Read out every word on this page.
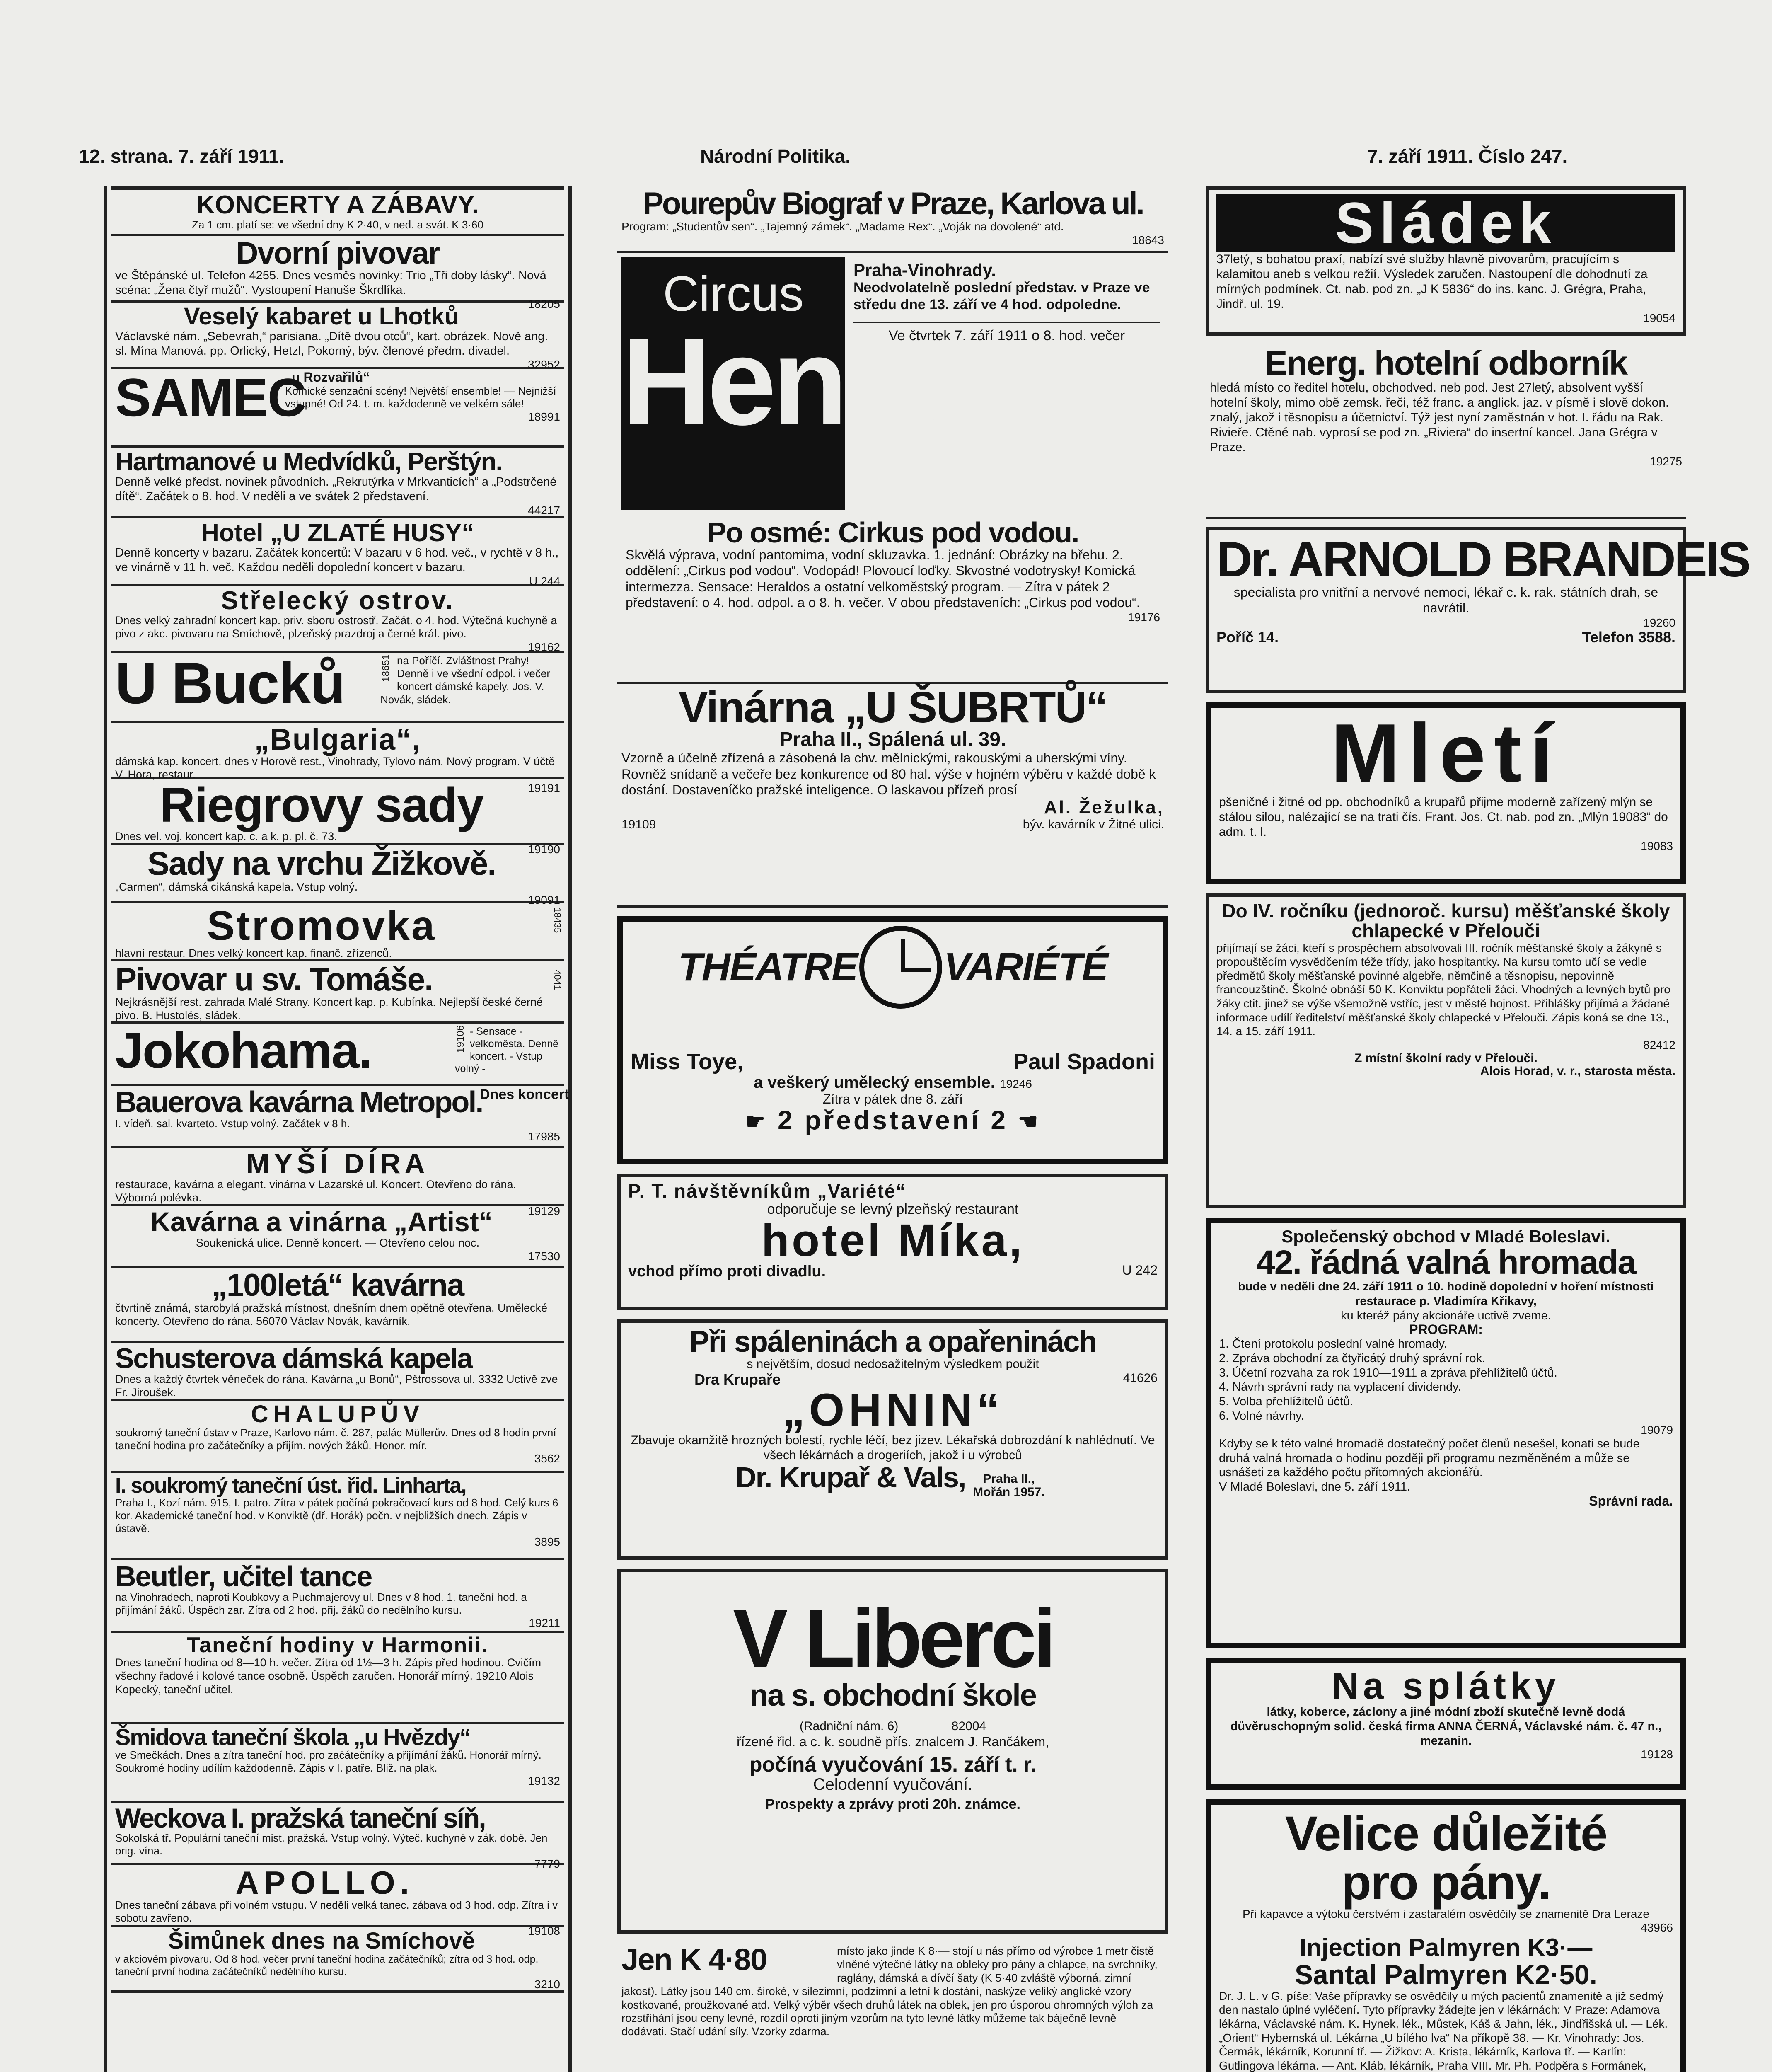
12. strana. 7. září 1911.	Národní Politika.	7. září 1911. Číslo 247.
KONCERTY A ZÁBAVY.
Za 1 cm. platí se: ve všední dny K 2·40, v ned. a svát. K 3·60
Dvorní pivovar
ve Štěpánské ul. Telefon 4255. Dnes vesměs novinky: Trio „Tři doby lásky“. Nová scéna: „Žena čtyř mužů“. Vystoupení Hanuše Škrdlíka.
18205
Veselý kabaret u Lhotků
Václavské nám. „Sebevrah,“ parisiana. „Dítě dvou otců“, kart. obrázek. Nově ang. sl. Mína Manová, pp. Orlický, Hetzl, Pokorný, býv. členové předm. divadel.
32952
SAMEC
„u Rozvařilů“
Komické senzační scény! Největší ensemble! — Nejnižší vstupné! Od 24. t. m. každodenně ve velkém sále!
18991
Hartmanové u Medvídků, Perštýn.
Denně velké předst. novinek původních. „Rekrutýrka v Mrkvanticích“ a „Podstrčené dítě“. Začátek o 8. hod. V neděli a ve svátek 2 představení.
44217
Hotel „U ZLATÉ HUSY“
Denně koncerty v bazaru. Začátek koncertů: V bazaru v 6 hod. več., v rychtě v 8 h., ve vinárně v 11 h. več. Každou neděli dopolední koncert v bazaru.
U 244
Střelecký ostrov.
Dnes velký zahradní koncert kap. priv. sboru ostrostř. Začát. o 4. hod. Výtečná kuchyně a pivo z akc. pivovaru na Smíchově, plzeňský prazdroj a černé král. pivo.
19162
U Bucků	18651 na Poříčí. Zvláštnost Prahy! Denně i ve všední odpol. i večer koncert dámské kapely. Jos. V. Novák, sládek.
„Bulgaria“,
dámská kap. koncert. dnes v Horově rest., Vinohrady, Tylovo nám. Nový program. V účtě V. Hora, restaur.
19191
Riegrovy sady
Dnes vel. voj. koncert kap. c. a k. p. pl. č. 73.
19190
Sady na vrchu Žižkově.
„Carmen“, dámská cikánská kapela. Vstup volný.
19091
Stromovka
hlavní restaur. Dnes velký koncert kap. finanč. zřízenců.
18435
Pivovar u sv. Tomáše.
Nejkrásnější rest. zahrada Malé Strany. Koncert kap. p. Kubínka. Nejlepší české černé pivo. B. Hustolés, sládek.
4041
Jokohama.	19106 - Sensace - velkoměsta. Denně koncert. - Vstup volný -
Bauerova kavárna Metropol.
Dnes koncert
I. vídeň. sal. kvarteto. Vstup volný. Začátek v 8 h.
17985
MYŠÍ DÍRA
restaurace, kavárna a elegant. vinárna v Lazarské ul. Koncert. Otevřeno do rána. Výborná polévka.
19129
Kavárna a vinárna „Artist“
Soukenická ulice. Denně koncert. — Otevřeno celou noc.
17530
„100letá“ kavárna
čtvrtině známá, starobylá pražská místnost, dnešním dnem opětně otevřena. Umělecké koncerty. Otevřeno do rána. 56070 Václav Novák, kavárník.
Schusterova dámská kapela
Dnes a každý čtvrtek věneček do rána. Kavárna „u Bonů“, Pštrossova ul. 3332 Uctivě zve Fr. Jiroušek.
CHALUPŮV
soukromý taneční ústav v Praze, Karlovo nám. č. 287, palác Müllerův. Dnes od 8 hodin první taneční hodina pro začátečníky a přijím. nových žáků. Honor. mír.
3562
I. soukromý taneční úst. řid. Linharta,
Praha I., Kozí nám. 915, I. patro. Zítra v pátek počíná pokračovací kurs od 8 hod. Celý kurs 6 kor. Akademické taneční hod. v Konviktě (dř. Horák) počn. v nejbližších dnech. Zápis v ústavě.
3895
Beutler, učitel tance
na Vinohradech, naproti Koubkovy a Puchmajerovy ul. Dnes v 8 hod. 1. taneční hod. a přijímání žáků. Úspěch zar. Zítra od 2 hod. přij. žáků do nedělního kursu.
19211
Taneční hodiny v Harmonii.
Dnes taneční hodina od 8—10 h. večer. Zítra od 1½—3 h. Zápis před hodinou. Cvičím všechny řadové i kolové tance osobně. Úspěch zaručen. Honorář mírný. 19210 Alois Kopecký, taneční učitel.
Šmidova taneční škola „u Hvězdy“
ve Smečkách. Dnes a zítra taneční hod. pro začátečníky a přijímání žáků. Honorář mírný. Soukromé hodiny udílím každodenně. Zápis v I. patře. Bliž. na plak.
19132
Weckova I. pražská taneční síň,
Sokolská tř. Populární taneční mist. pražská. Vstup volný. Výteč. kuchyně v zák. době. Jen orig. vína.
7779
APOLLO.
Dnes taneční zábava při volném vstupu. V neděli velká tanec. zábava od 3 hod. odp. Zítra i v sobotu zavřeno.
19108
Šimůnek dnes na Smíchově
v akciovém pivovaru. Od 8 hod. večer první taneční hodina začátečníků; zítra od 3 hod. odp. taneční první hodina začátečníků nedělního kursu.
3210
Pourepův Biograf v Praze, Karlova ul.
Program: „Studentův sen“. „Tajemný zámek“. „Madame Rex“. „Voják na dovolené“ atd.
18643
Circus
Henry
Praha-Vinohrady.
Neodvolatelně poslední představ. v Praze ve středu dne 13. září ve 4 hod. odpoledne.
Ve čtvrtek 7. září 1911 o 8. hod. večer
Po osmé: Cirkus pod vodou.
Skvělá výprava, vodní pantomima, vodní skluzavka. 1. jednání: Obrázky na břehu. 2. oddělení: „Cirkus pod vodou“. Vodopád! Plovoucí loďky. Skvostné vodotrysky! Komická intermezza. Sensace: Heraldos a ostatní velkoměstský program. — Zítra v pátek 2 představení: o 4. hod. odpol. a o 8. h. večer. V obou představeních: „Cirkus pod vodou“.
19176
Vinárna „U ŠUBRTŮ“
Praha II., Spálená ul. 39.
Vzorně a účelně zřízená a zásobená la chv. mělnickými, rakouskými a uherskými víny. Rovněž snídaně a večeře bez konkurence od 80 hal. výše v hojném výběru v každé době k dostání. Dostaveníčko pražské inteligence. O laskavou přízeň prosí
Al. Žežulka,
19109	býv. kavárník v Žitné ulici.
THÉATRE VARIÉTÉ
Miss Toye,	Paul Spadoni
a veškerý umělecký ensemble. 19246
Zítra v pátek dne 8. září
☛ 2 představení 2 ☚
P. T. návštěvníkům „Variété“
odporučuje se levný plzeňský restaurant
hotel Míka,
vchod přímo proti divadlu.	U 242
Při spáleninách a opařeninách
s největším, dosud nedosažitelným výsledkem použit
Dra Krupaře	41626
„OHNIN“
Zbavuje okamžitě hrozných bolestí, rychle léčí, bez jizev. Lékařská dobrozdání k nahlédnutí. Ve všech lékárnách a drogeriích, jakož i u výrobců
Dr. Krupař & Vals, Praha II., Mořán 1957.
V Liberci
na s. obchodní škole
(Radniční nám. 6)	82004
řízené řid. a c. k. soudně přís. znalcem J. Rančákem,
počíná vyučování 15. září t. r.
Celodenní vyučování.
Prospekty a zprávy proti 20h. známce.
Jen K 4·80	místo jako jinde K 8·— stojí u nás přímo od výrobce 1 metr čistě vlněné výtečné látky na obleky pro pány a chlapce, na svrchníky, raglány, dámská a dívčí šaty (K 5·40 zvláště výborná, zimní jakost). Látky jsou 140 cm. široké, v silezimní, podzimní a letní k dostání, naskýze veliký anglické vzory kostkované, proužkované atd. Velký výběr všech druhů látek na oblek, jen pro úsporou ohromných výloh za rozstřihání jsou ceny levné, rozdíl oproti jiným vzorům na tyto levné látky můžeme tak báječně levně dodávati. Stačí udání síly. Vzorky zdarma.
Sládek
37letý, s bohatou praxí, nabízí své služby hlavně pivovarům, pracujícím s kalamitou aneb s velkou režií. Výsledek zaručen. Nastoupení dle dohodnutí za mírných podmínek. Ct. nab. pod zn. „J K 5836“ do ins. kanc. J. Grégra, Praha, Jindř. ul. 19.
19054
Energ. hotelní odborník
hledá místo co ředitel hotelu, obchodved. neb pod. Jest 27letý, absolvent vyšší hotelní školy, mimo obě zemsk. řeči, též franc. a anglick. jaz. v písmě i slově dokon. znalý, jakož i těsnopisu a účetnictví. Týž jest nyní zaměstnán v hot. I. řádu na Rak. Rivieře. Ctěné nab. vyprosí se pod zn. „Riviera“ do insertní kancel. Jana Grégra v Praze.
19275
Dr. ARNOLD BRANDEIS
specialista pro vnitřní a nervové nemoci, lékař c. k. rak. státních drah, se navrátil.
19260
Poříč 14.	Telefon 3588.
Mletí
pšeničné i žitné od pp. obchodníků a krupařů přijme moderně zařízený mlýn se stálou silou, nalézající se na trati čís. Frant. Jos. Ct. nab. pod zn. „Mlýn 19083“ do adm. t. l.
19083
Do IV. ročníku (jednoroč. kursu) měšťanské školy chlapecké v Přelouči
přijímají se žáci, kteří s prospěchem absolvovali III. ročník měšťanské školy a žákyně s propouštěcím vysvědčením téže třídy, jako hospitantky. Na kursu tomto učí se vedle předmětů školy měšťanské povinné algebře, němčině a těsnopisu, nepovinně francouzštině. Školné obnáší 50 K. Konviktu popřáteli žáci. Vhodných a levných bytů pro žáky ctit. jinež se výše všemožně vstříc, jest v městě hojnost. Přihlášky přijímá a žádané informace udílí ředitelství měšťanské školy chlapecké v Přelouči. Zápis koná se dne 13., 14. a 15. září 1911.
82412
Z místní školní rady v Přelouči.
Alois Horad, v. r., starosta města.
Společenský obchod v Mladé Boleslavi.
42. řádná valná hromada
bude v neděli dne 24. září 1911 o 10. hodině dopolední v hoření místnosti restaurace p. Vladimíra Křikavy,
ku kteréž pány akcionáře uctivě zveme.
PROGRAM:
1. Čtení protokolu poslední valné hromady.
2. Zpráva obchodní za čtyřicátý druhý správní rok.
3. Účetní rozvaha za rok 1910—1911 a zpráva přehlížitelů účtů.
4. Návrh správní rady na vyplacení dividendy.
5. Volba přehlížitelů účtů.
6. Volné návrhy.
19079
Kdyby se k této valné hromadě dostatečný počet členů nesešel, konati se bude druhá valná hromada o hodinu později při programu nezměněném a může se usnášeti za každého počtu přítomných akcionářů.
V Mladé Boleslavi, dne 5. září 1911.
Správní rada.
Na splátky
látky, koberce, záclony a jiné módní zboží skutečně levně dodá důvěruschopným solid. česká firma ANNA ČERNÁ, Václavské nám. č. 47 n., mezanin.
19128
Velice důležité
pro pány.
Při kapavce a výtoku čerstvém i zastaralém osvědčily se znamenitě Dra Leraze
43966
Injection Palmyren K3·—
Santal Palmyren K2·50.
Dr. J. L. v G. píše: Vaše přípravky se osvědčily u mých pacientů znamenitě a již sedmý den nastalo úplné vyléčení. Tyto přípravky žádejte jen v lékárnách: V Praze: Adamova lékárna, Václavské nám. K. Hynek, lék., Můstek, Káš & Jahn, lék., Jindřišská ul. — Lék. „Orient“ Hybernská ul. Lékárna „U bílého lva“ Na příkopě 38. — Kr. Vinohrady: Jos. Čermák, lékárník, Korunní tř. — Žižkov: A. Krista, lékárník, Karlova tř. — Karlín: Gutlingova lékárna. — Ant. Kláb, lékárník, Praha VIII. Mr. Ph. Podpěra s Formánek,
